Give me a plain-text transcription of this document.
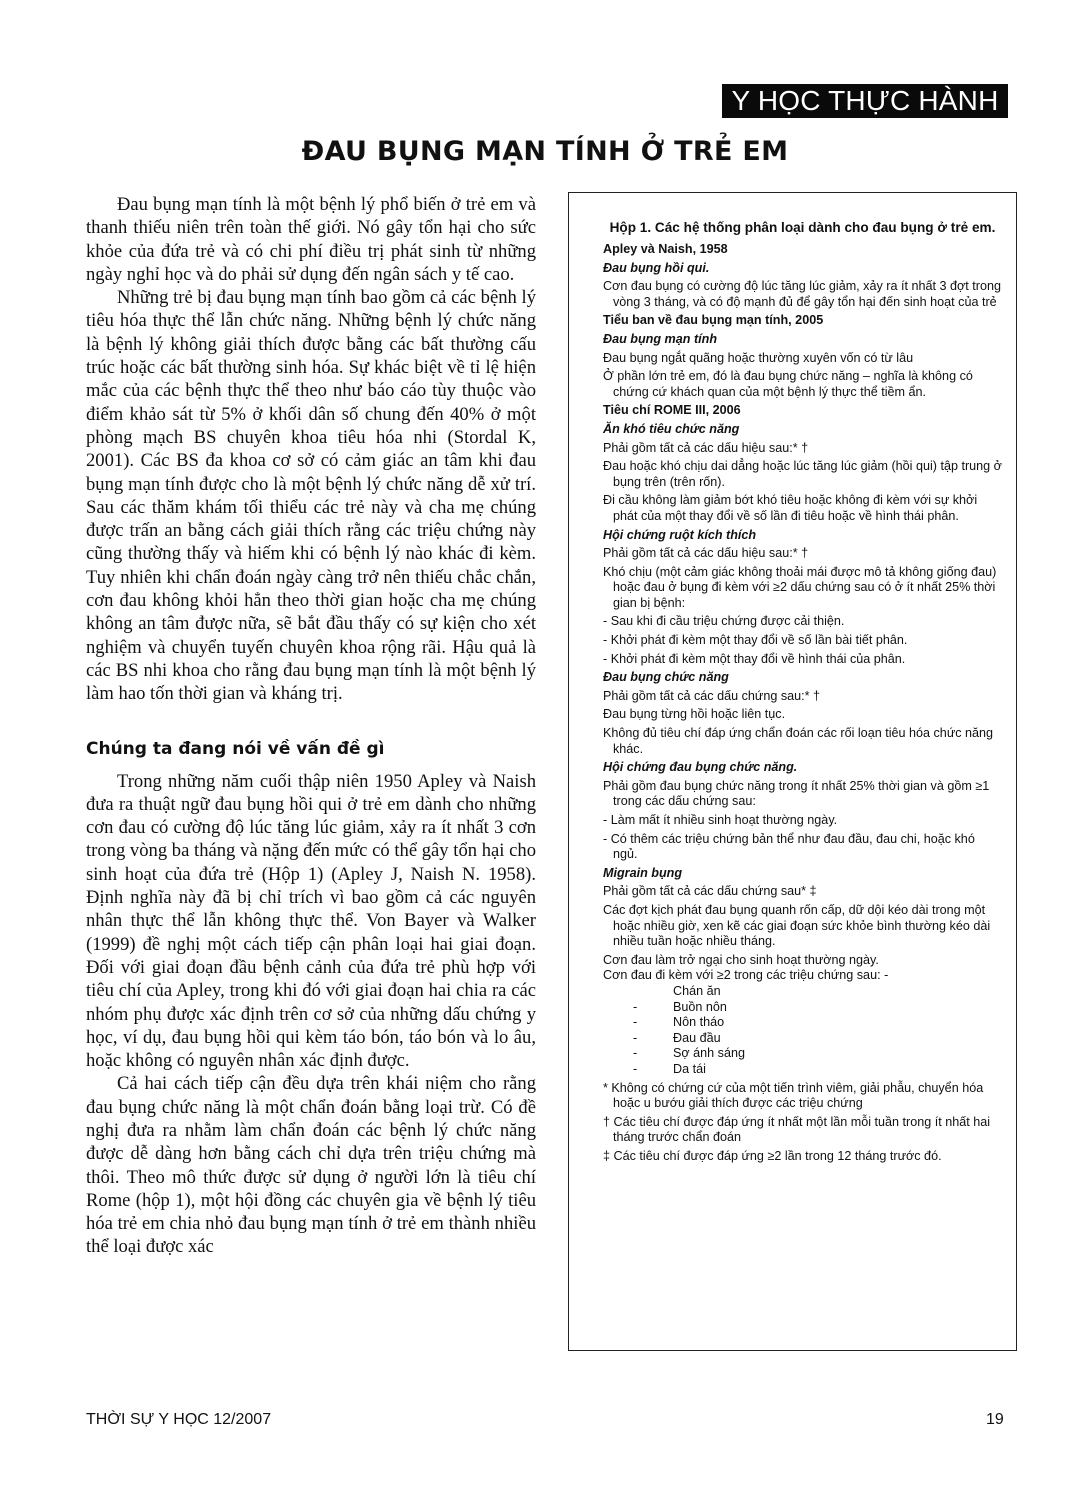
Y HỌC THỰC HÀNH
ĐAU BỤNG MẠN TÍNH Ở TRẺ EM

Đau bụng mạn tính là một bệnh lý phổ biến ở trẻ em và thanh thiếu niên trên toàn thế giới. Nó gây tổn hại cho sức khỏe của đứa trẻ và có chi phí điều trị phát sinh từ những ngày nghỉ học và do phải sử dụng đến ngân sách y tế cao.

Những trẻ bị đau bụng mạn tính bao gồm cả các bệnh lý tiêu hóa thực thể lẫn chức năng. Những bệnh lý chức năng là bệnh lý không giải thích được bằng các bất thường cấu trúc hoặc các bất thường sinh hóa. Sự khác biệt về tỉ lệ hiện mắc của các bệnh thực thể theo như báo cáo tùy thuộc vào điểm khảo sát từ 5% ở khối dân số chung đến 40% ở một phòng mạch BS chuyên khoa tiêu hóa nhi (Stordal K, 2001). Các BS đa khoa cơ sở có cảm giác an tâm khi đau bụng mạn tính được cho là một bệnh lý chức năng dễ xử trí. Sau các thăm khám tối thiểu các trẻ này và cha mẹ chúng được trấn an bằng cách giải thích rằng các triệu chứng này cũng thường thấy và hiếm khi có bệnh lý nào khác đi kèm. Tuy nhiên khi chẩn đoán ngày càng trở nên thiếu chắc chắn, cơn đau không khỏi hẳn theo thời gian hoặc cha mẹ chúng không an tâm được nữa, sẽ bắt đầu thấy có sự kiện cho xét nghiệm và chuyển tuyến chuyên khoa rộng rãi. Hậu quả là các BS nhi khoa cho rằng đau bụng mạn tính là một bệnh lý làm hao tốn thời gian và kháng trị.

Chúng ta đang nói về vấn đề gì

Trong những năm cuối thập niên 1950 Apley và Naish đưa ra thuật ngữ đau bụng hồi qui ở trẻ em dành cho những cơn đau có cường độ lúc tăng lúc giảm, xảy ra ít nhất 3 cơn trong vòng ba tháng và nặng đến mức có thể gây tổn hại cho sinh hoạt của đứa trẻ (Hộp 1) (Apley J, Naish N. 1958). Định nghĩa này đã bị chỉ trích vì bao gồm cả các nguyên nhân thực thể lẫn không thực thể. Von Bayer và Walker (1999) đề nghị một cách tiếp cận phân loại hai giai đoạn. Đối với giai đoạn đầu bệnh cảnh của đứa trẻ phù hợp với tiêu chí của Apley, trong khi đó với giai đoạn hai chia ra các nhóm phụ được xác định trên cơ sở của những dấu chứng y học, ví dụ, đau bụng hồi qui kèm táo bón, táo bón và lo âu, hoặc không có nguyên nhân xác định được.

Cả hai cách tiếp cận đều dựa trên khái niệm cho rằng đau bụng chức năng là một chẩn đoán bằng loại trừ. Có đề nghị đưa ra nhằm làm chẩn đoán các bệnh lý chức năng được dễ dàng hơn bằng cách chỉ dựa trên triệu chứng mà thôi. Theo mô thức được sử dụng ở người lớn là tiêu chí Rome (hộp 1), một hội đồng các chuyên gia về bệnh lý tiêu hóa trẻ em chia nhỏ đau bụng mạn tính ở trẻ em thành nhiều thể loại được xác

Hộp 1. Các hệ thống phân loại dành cho đau bụng ở trẻ em.
Apley và Naish, 1958
Đau bụng hồi qui.
Cơn đau bụng có cường độ lúc tăng lúc giảm, xảy ra ít nhất 3 đợt trong vòng 3 tháng, và có độ mạnh đủ để gây tổn hại đến sinh hoạt của trẻ
Tiểu ban về đau bụng mạn tính, 2005
Đau bụng mạn tính
Đau bụng ngắt quãng hoặc thường xuyên vốn có từ lâu
Ở phần lớn trẻ em, đó là đau bụng chức năng – nghĩa là không có chứng cứ khách quan của một bệnh lý thực thể tiềm ẩn.
Tiêu chí ROME III, 2006
Ăn khó tiêu chức năng
Phải gồm tất cả các dấu hiệu sau:* †
Đau hoặc khó chịu dai dẳng hoặc lúc tăng lúc giảm (hồi qui) tập trung ở bụng trên (trên rốn).
Đi cầu không làm giảm bớt khó tiêu hoặc không đi kèm với sự khởi phát của một thay đổi về số lần đi tiêu hoặc về hình thái phân.
Hội chứng ruột kích thích
Phải gồm tất cả các dấu hiệu sau:* †
Khó chịu (một cảm giác không thoải mái được mô tả không giống đau) hoặc đau ở bụng đi kèm với ≥2 dấu chứng sau có ở ít nhất 25% thời gian bị bệnh:
- Sau khi đi cầu triệu chứng được cải thiện.
- Khởi phát đi kèm một thay đổi về số lần bài tiết phân.
- Khởi phát đi kèm một thay đổi về hình thái của phân.
Đau bụng chức năng
Phải gồm tất cả các dấu chứng sau:* †
Đau bụng từng hồi hoặc liên tục.
Không đủ tiêu chí đáp ứng chẩn đoán các rối loạn tiêu hóa chức năng khác.
Hội chứng đau bụng chức năng.
Phải gồm đau bụng chức năng trong ít nhất 25% thời gian và gồm ≥1 trong các dấu chứng sau:
- Làm mất ít nhiều sinh hoạt thường ngày.
- Có thêm các triệu chứng bản thể như đau đầu, đau chi, hoặc khó ngủ.
Migrain bụng
Phải gồm tất cả các dấu chứng sau* ‡
Các đợt kịch phát đau bụng quanh rốn cấp, dữ dội kéo dài trong một hoặc nhiều giờ, xen kẽ các giai đoạn sức khỏe bình thường kéo dài nhiều tuần hoặc nhiều tháng.
Cơn đau làm trở ngại cho sinh hoạt thường ngày.
Cơn đau đi kèm với ≥2 trong các triệu chứng sau: -
Chán ăn
-	Buồn nôn
-	Nôn tháo
-	Đau đầu
-	Sợ ánh sáng
-	Da tái
* Không có chứng cứ của một tiến trình viêm, giải phẫu, chuyển hóa hoặc u bướu giải thích được các triệu chứng
† Các tiêu chí được đáp ứng ít nhất một lần mỗi tuần trong ít nhất hai tháng trước chẩn đoán
‡ Các tiêu chí được đáp ứng ≥2 lần trong 12 tháng trước đó.
THỜI SỰ Y HỌC 12/2007	19
